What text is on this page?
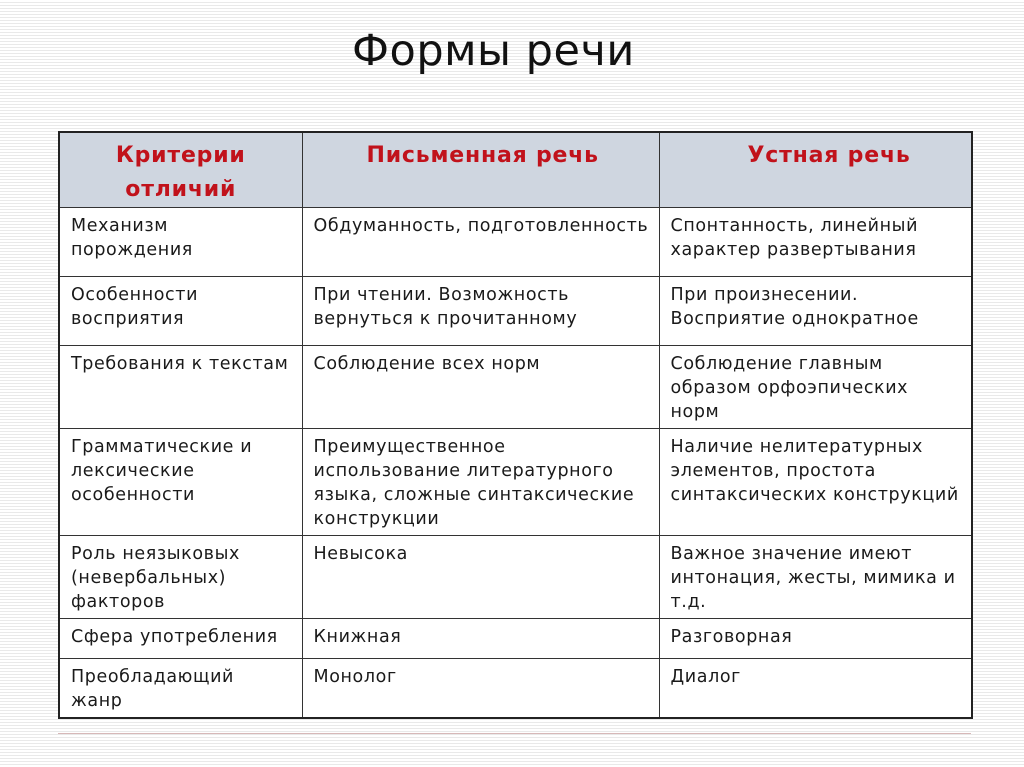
Формы речи
Критерии отличий	Письменная речь	Устная речь
Механизм порождения	Обдуманность, подготовленность	Спонтанность, линейный характер развертывания
Особенности восприятия	При чтении. Возможность вернуться к прочитанному	При произнесении. Восприятие однократное
Требования к текстам	Соблюдение всех норм	Соблюдение главным образом орфоэпических норм
Грамматические и лексические особенности	Преимущественное использование литературного языка, сложные синтаксические конструкции	Наличие нелитературных элементов, простота синтаксических конструкций
Роль неязыковых (невербальных) факторов	Невысока	Важное значение имеют интонация, жесты, мимика и т.д.
Сфера употребления	Книжная	Разговорная
Преобладающий жанр	Монолог	Диалог
